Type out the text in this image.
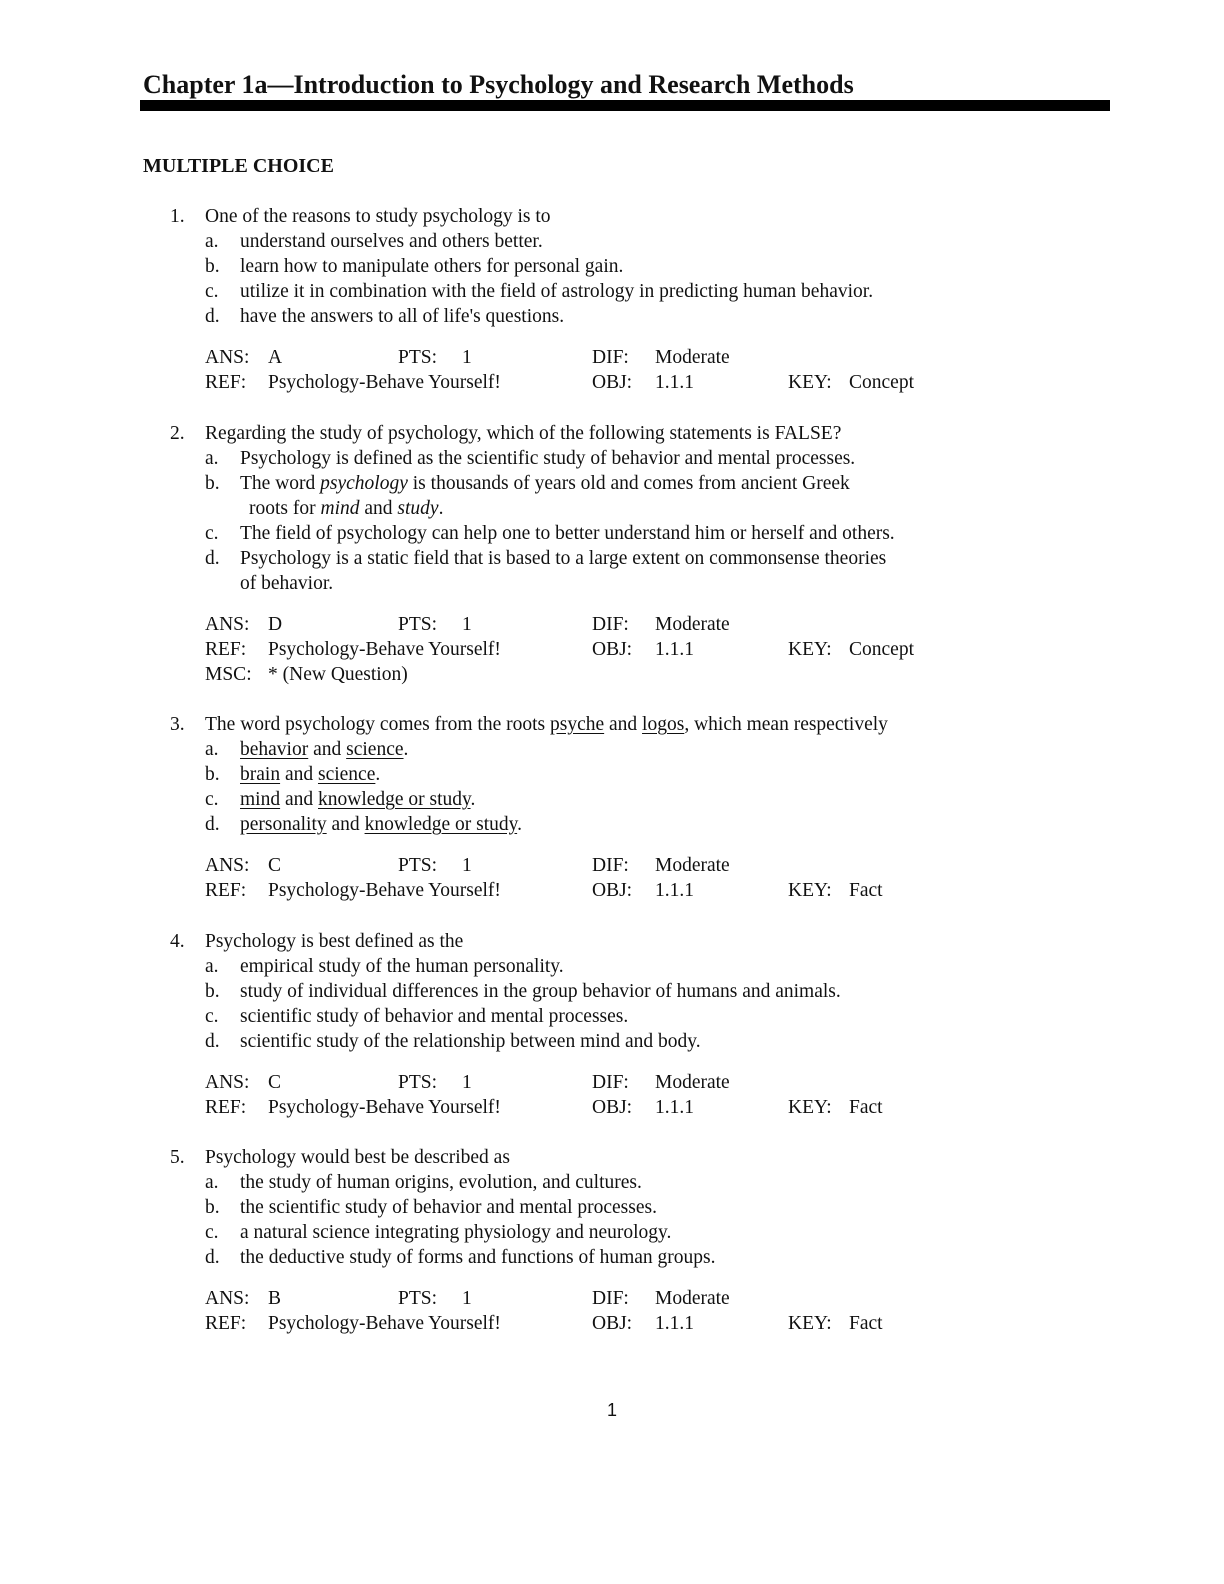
Chapter 1a—Introduction to Psychology and Research Methods
MULTIPLE CHOICE
1. One of the reasons to study psychology is to
a. understand ourselves and others better.
b. learn how to manipulate others for personal gain.
c. utilize it in combination with the field of astrology in predicting human behavior.
d. have the answers to all of life's questions.
ANS: A	PTS: 1	DIF: Moderate
REF: Psychology-Behave Yourself!	OBJ: 1.1.1	KEY: Concept
2. Regarding the study of psychology, which of the following statements is FALSE?
a. Psychology is defined as the scientific study of behavior and mental processes.
b. The word psychology is thousands of years old and comes from ancient Greek
roots for mind and study.
c. The field of psychology can help one to better understand him or herself and others.
d. Psychology is a static field that is based to a large extent on commonsense theories
of behavior.
ANS: D	PTS: 1	DIF: Moderate
REF: Psychology-Behave Yourself!	OBJ: 1.1.1	KEY: Concept
MSC: * (New Question)
3. The word psychology comes from the roots psyche and logos, which mean respectively
a. behavior and science.
b. brain and science.
c. mind and knowledge or study.
d. personality and knowledge or study.
ANS: C	PTS: 1	DIF: Moderate
REF: Psychology-Behave Yourself!	OBJ: 1.1.1	KEY: Fact
4. Psychology is best defined as the
a. empirical study of the human personality.
b. study of individual differences in the group behavior of humans and animals.
c. scientific study of behavior and mental processes.
d. scientific study of the relationship between mind and body.
ANS: C	PTS: 1	DIF: Moderate
REF: Psychology-Behave Yourself!	OBJ: 1.1.1	KEY: Fact
5. Psychology would best be described as
a. the study of human origins, evolution, and cultures.
b. the scientific study of behavior and mental processes.
c. a natural science integrating physiology and neurology.
d. the deductive study of forms and functions of human groups.
ANS: B	PTS: 1	DIF: Moderate
REF: Psychology-Behave Yourself!	OBJ: 1.1.1	KEY: Fact
1
